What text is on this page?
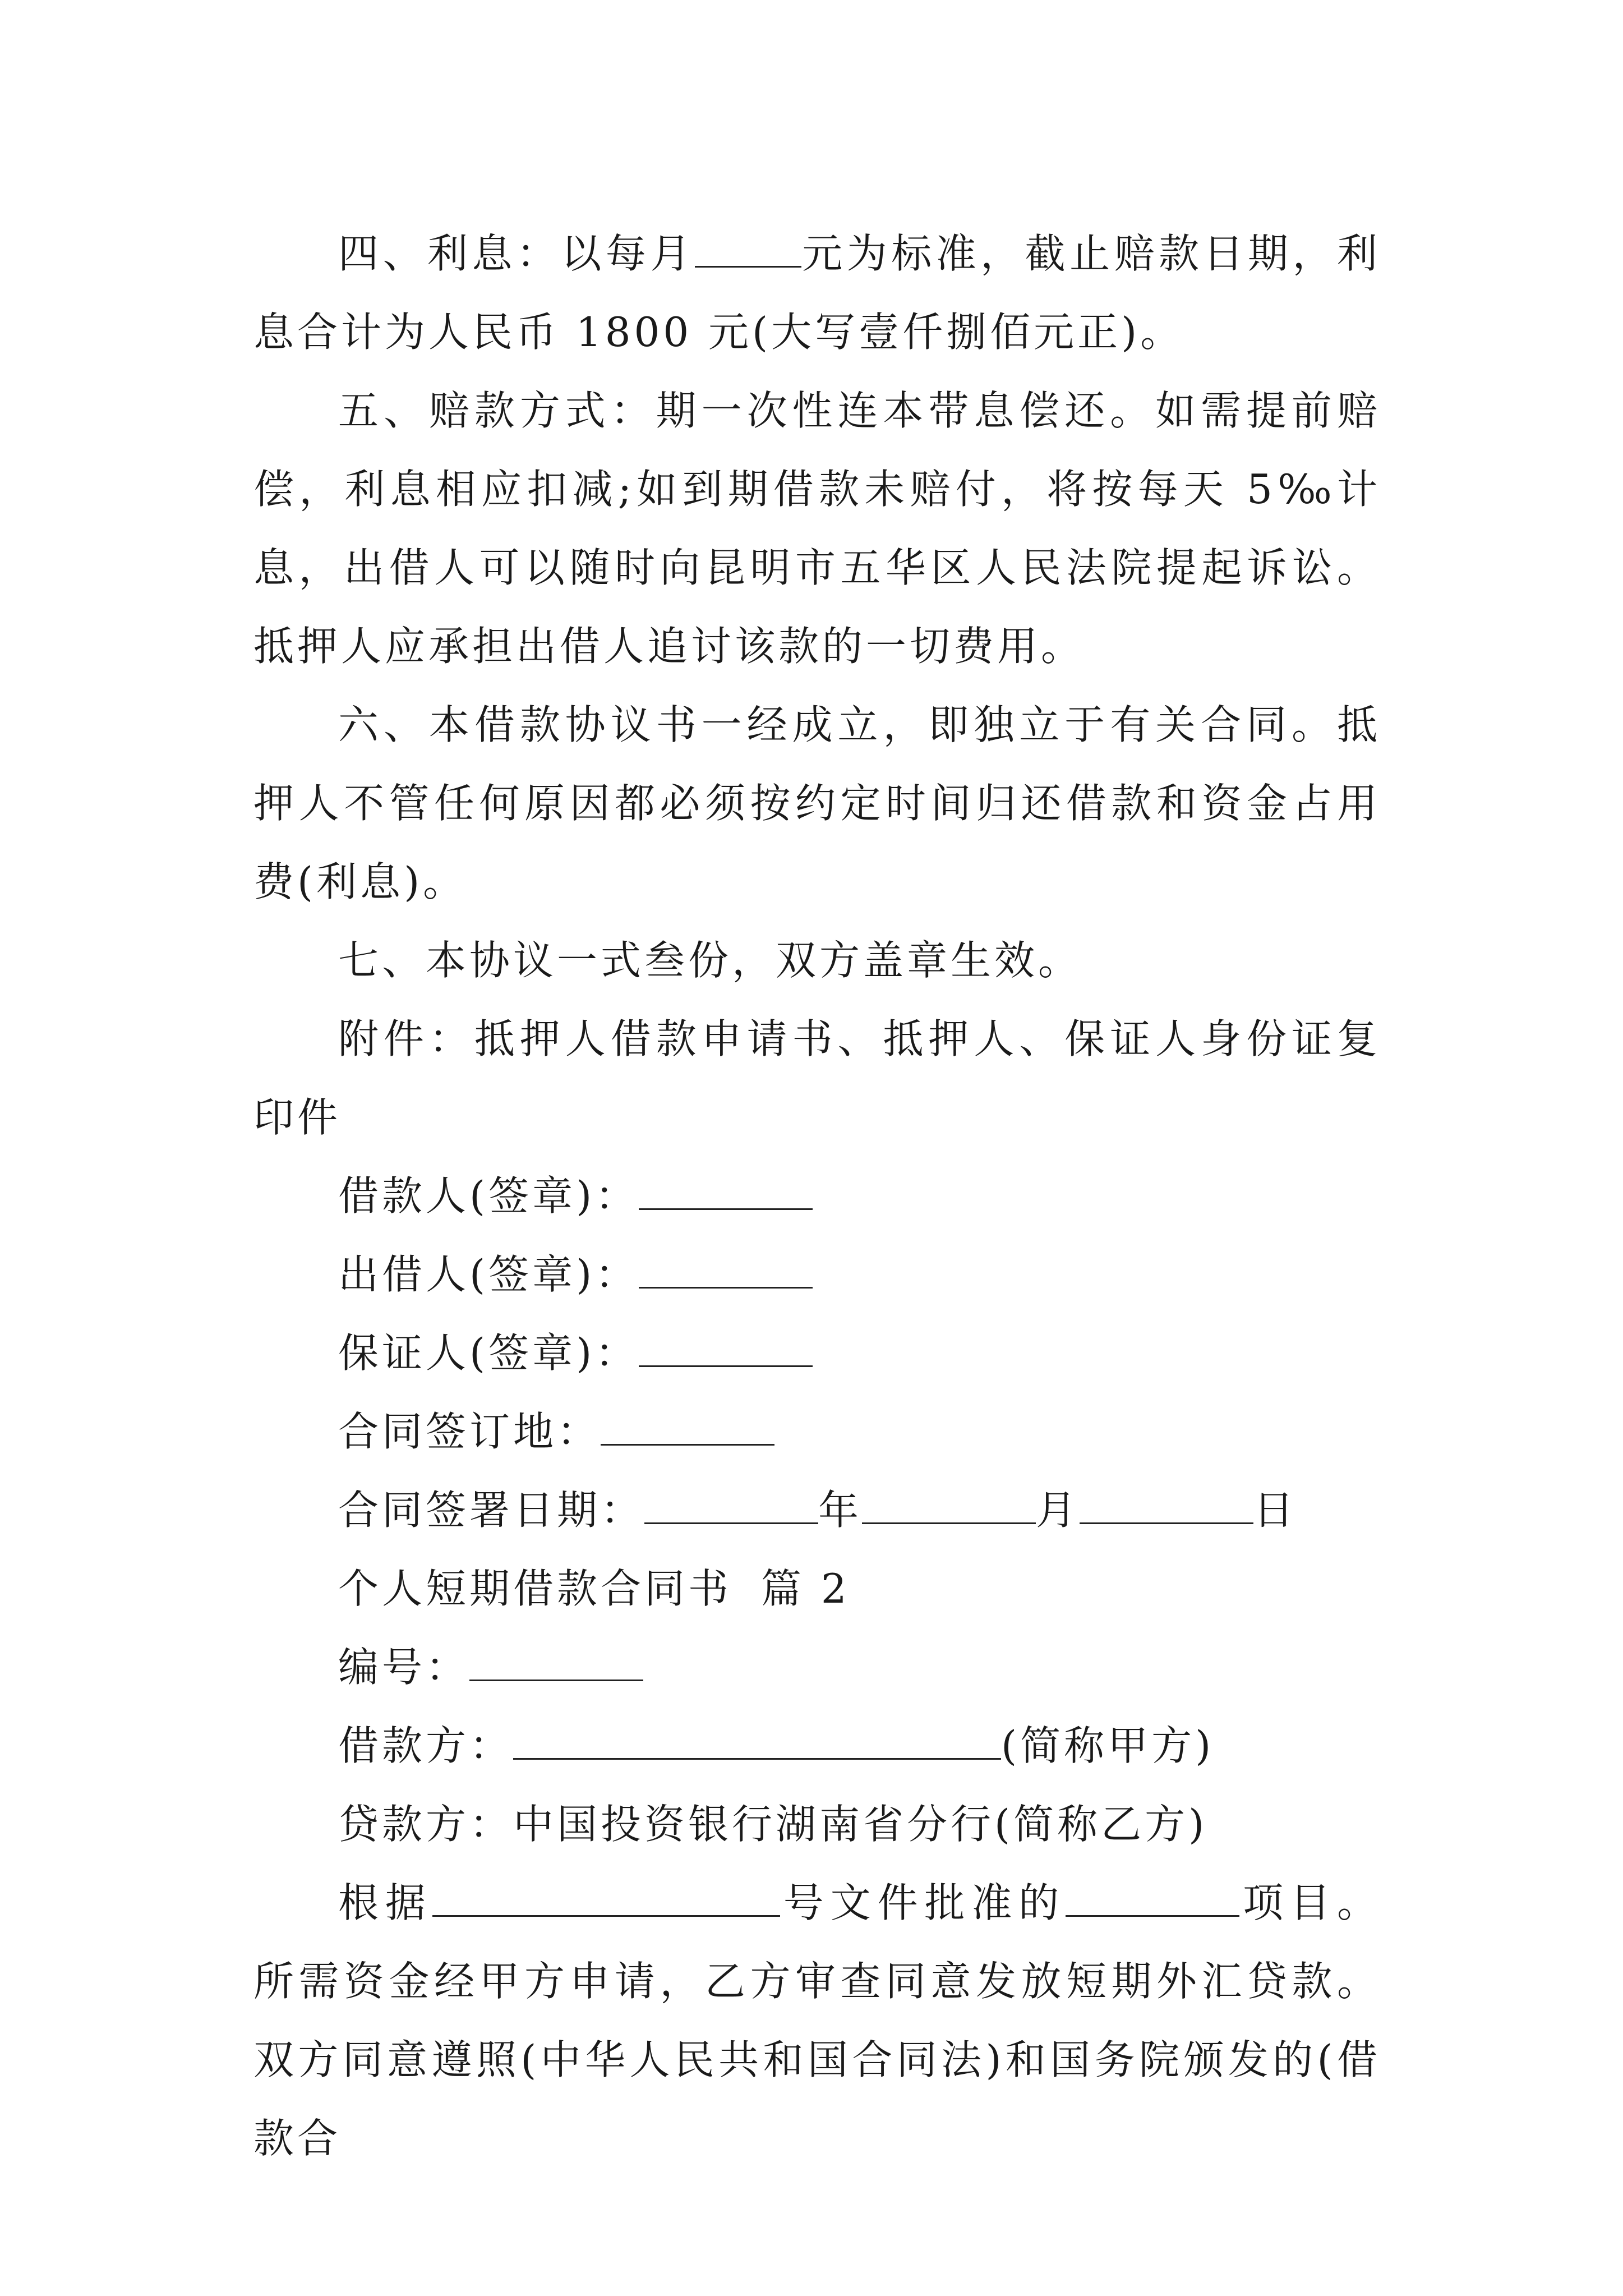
四、利息：以每月	元为标准，截止赔款日期，利息合计为人民币 1800 元(大写壹仟捌佰元正)。

五、赔款方式：期一次性连本带息偿还。如需提前赔偿，利息相应扣减;如到期借款未赔付，将按每天 5‰计息，出借人可以随时向昆明市五华区人民法院提起诉讼。抵押人应承担出借人追讨该款的一切费用。

六、本借款协议书一经成立，即独立于有关合同。抵押人不管任何原因都必须按约定时间归还借款和资金占用费(利息)。

七、本协议一式叁份，双方盖章生效。

附件：抵押人借款申请书、抵押人、保证人身份证复印件

借款人(签章)：

出借人(签章)：

保证人(签章)：

合同签订地：

合同签署日期：	年	月	日

个人短期借款合同书 篇 2

编号：

借款方：	(简称甲方)

贷款方：中国投资银行湖南省分行(简称乙方)

根据	号文件批准的	项目。所需资金经甲方申请，乙方审查同意发放短期外汇贷款。双方同意遵照(中华人民共和国合同法)和国务院颁发的(借款合
